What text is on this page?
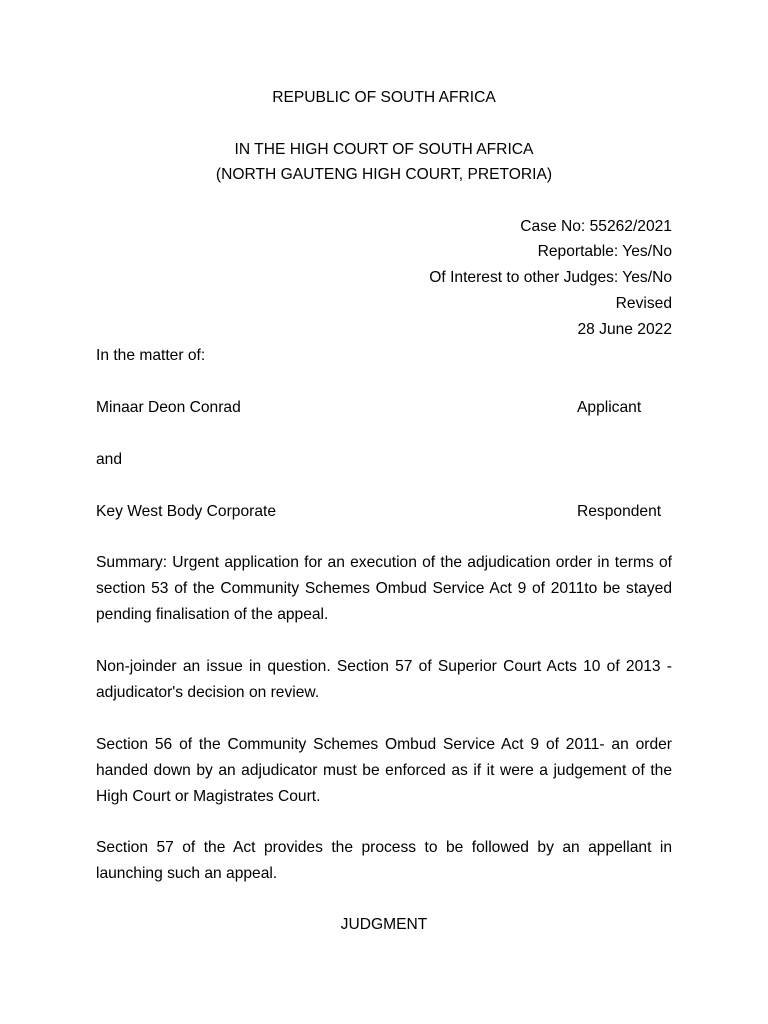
REPUBLIC OF SOUTH AFRICA
IN THE HIGH COURT OF SOUTH AFRICA
(NORTH GAUTENG HIGH COURT, PRETORIA)
Case No: 55262/2021
Reportable: Yes/No
Of Interest to other Judges: Yes/No
Revised
28 June 2022
In the matter of:
Minaar Deon Conrad	Applicant
and
Key West Body Corporate	Respondent
Summary: Urgent application for an execution of the adjudication order in terms of section 53 of the Community Schemes Ombud Service Act 9 of 2011to be stayed pending finalisation of the appeal.
Non-joinder an issue in question. Section 57 of Superior Court Acts 10 of 2013 - adjudicator's decision on review.
Section 56 of the Community Schemes Ombud Service Act 9 of 2011- an order handed down by an adjudicator must be enforced as if it were a judgement of the High Court or Magistrates Court.
Section 57 of the Act provides the process to be followed by an appellant in launching such an appeal.
JUDGMENT
